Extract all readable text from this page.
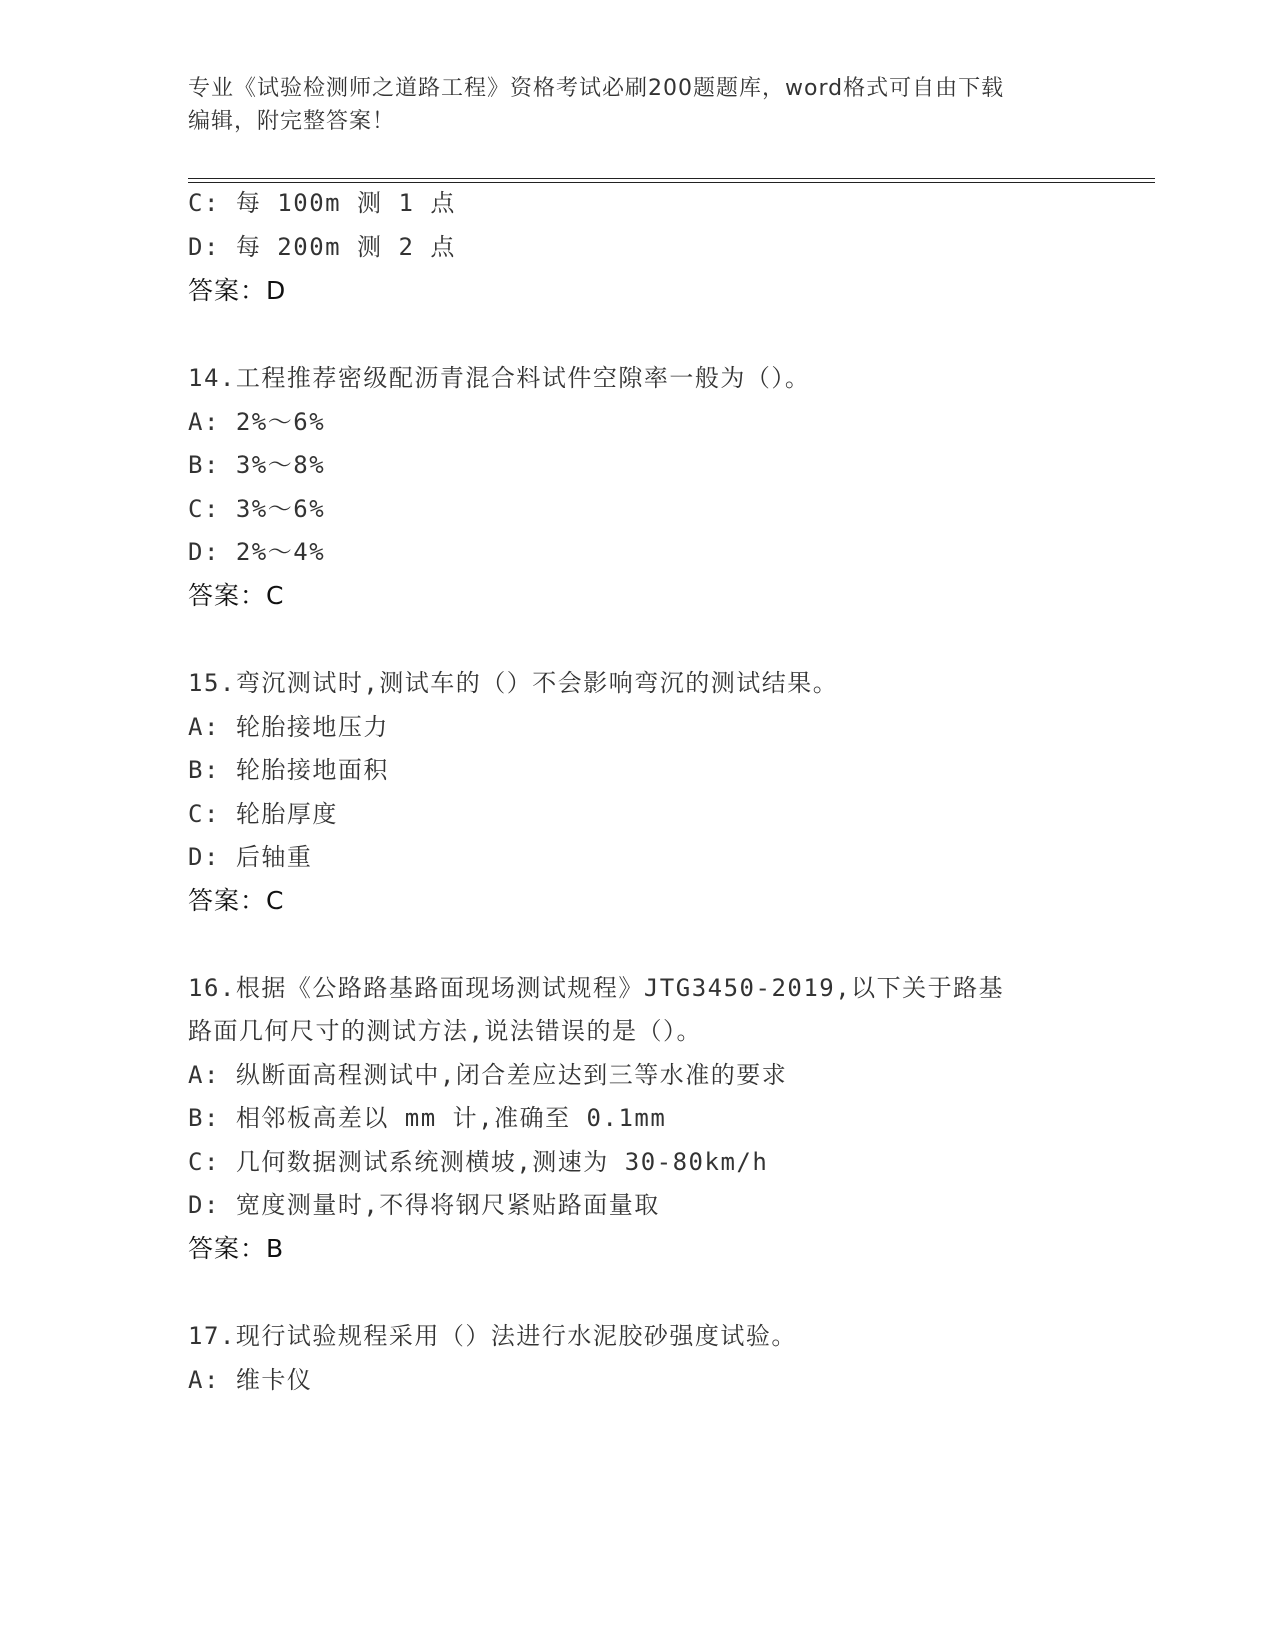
专业《试验检测师之道路工程》资格考试必刷200题题库，word格式可自由下载
编辑，附完整答案！
C: 每 100m 测 1 点
D: 每 200m 测 2 点
答案：D
14.工程推荐密级配沥青混合料试件空隙率一般为（）。
A: 2%～6%
B: 3%～8%
C: 3%～6%
D: 2%～4%
答案：C
15.弯沉测试时,测试车的（）不会影响弯沉的测试结果。
A: 轮胎接地压力
B: 轮胎接地面积
C: 轮胎厚度
D: 后轴重
答案：C
16.根据《公路路基路面现场测试规程》JTG3450-2019,以下关于路基
路面几何尺寸的测试方法,说法错误的是（）。
A: 纵断面高程测试中,闭合差应达到三等水准的要求
B: 相邻板高差以 mm 计,准确至 0.1mm
C: 几何数据测试系统测横坡,测速为 30-80km/h
D: 宽度测量时,不得将钢尺紧贴路面量取
答案：B
17.现行试验规程采用（）法进行水泥胶砂强度试验。
A: 维卡仪
